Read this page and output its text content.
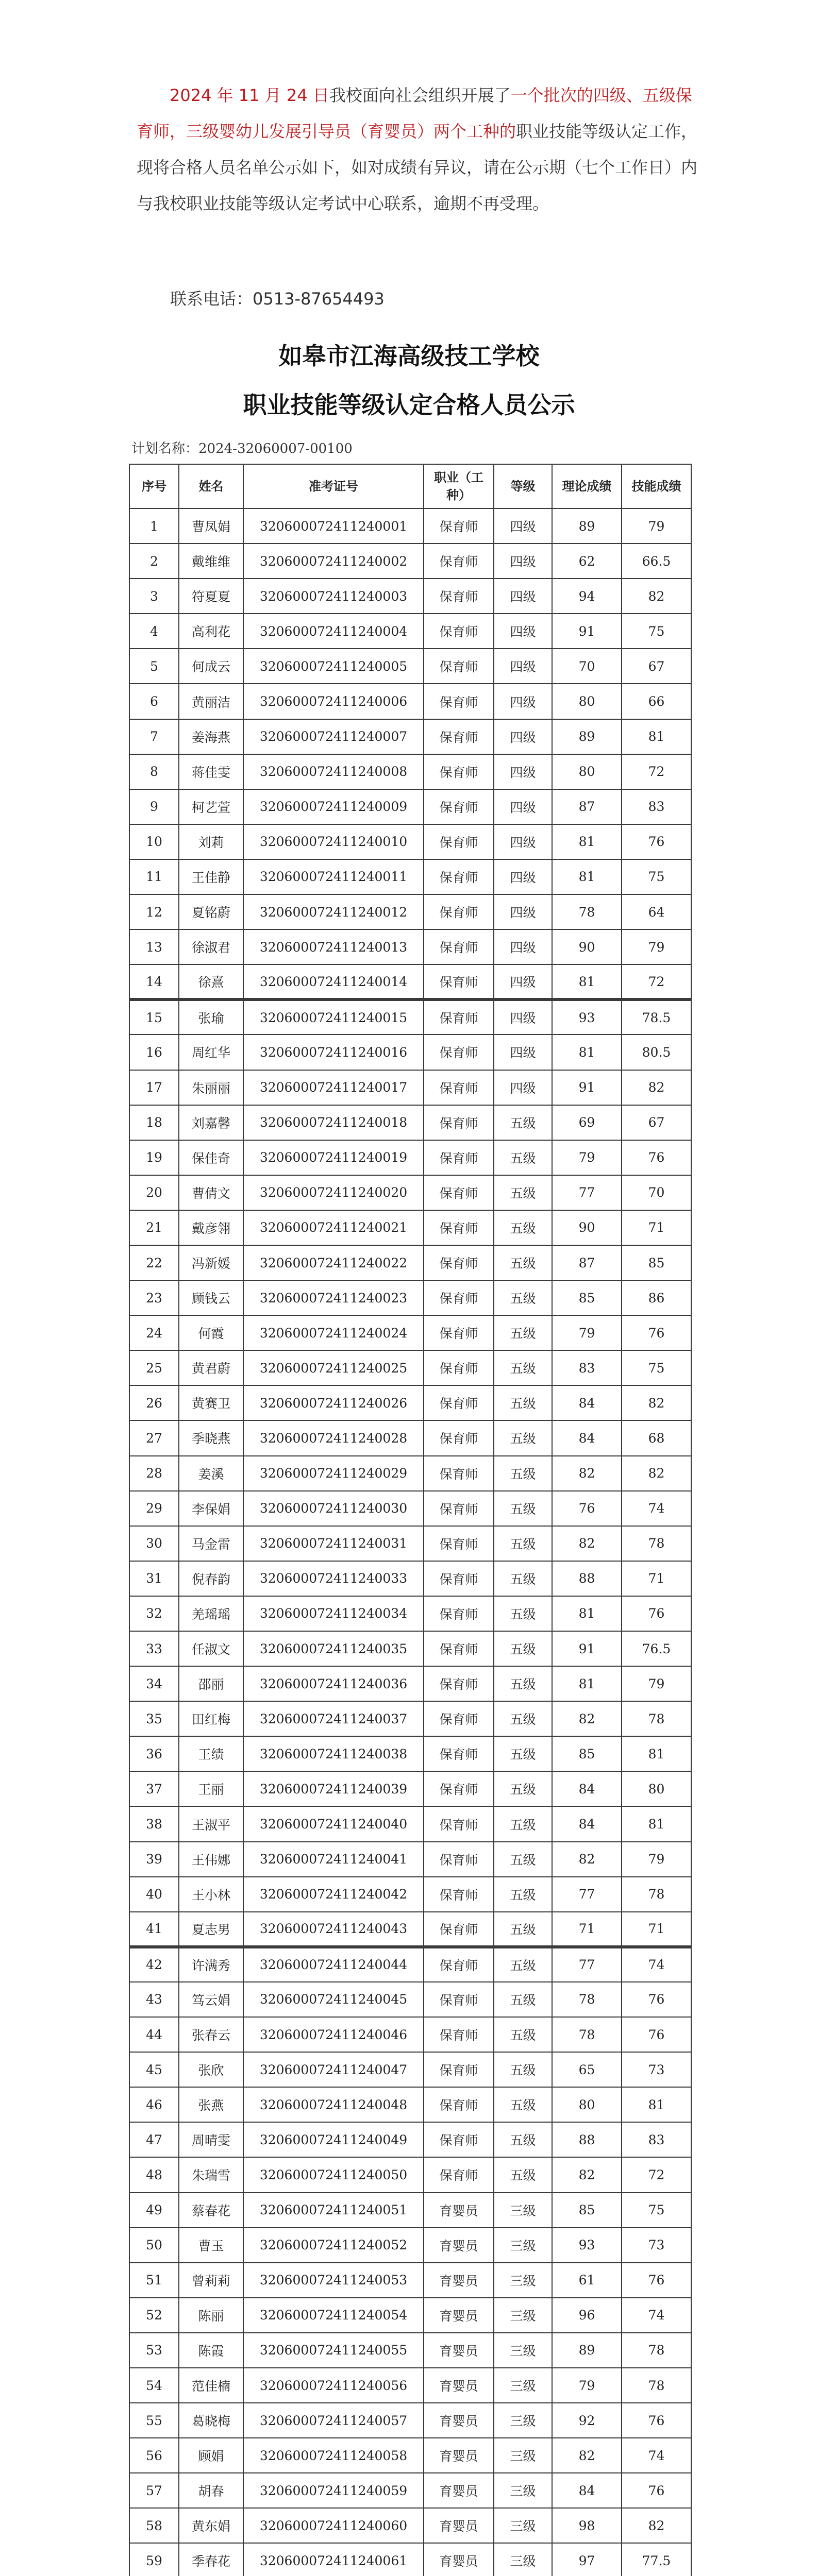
2024 年 11 月 24 日我校面向社会组织开展了一个批次的四级、五级保育师，三级婴幼儿发展引导员（育婴员）两个工种的职业技能等级认定工作，现将合格人员名单公示如下，如对成绩有异议，请在公示期（七个工作日）内与我校职业技能等级认定考试中心联系，逾期不再受理。

联系电话：0513-87654493
如皋市江海高级技工学校
职业技能等级认定合格人员公示
计划名称：2024-32060007-00100
序号	姓名	准考证号	职业（工种）	等级	理论成绩	技能成绩
1	曹凤娟	320600072411240001	保育师	四级	89	79
2	戴维维	320600072411240002	保育师	四级	62	66.5
3	符夏夏	320600072411240003	保育师	四级	94	82
4	高利花	320600072411240004	保育师	四级	91	75
5	何成云	320600072411240005	保育师	四级	70	67
6	黄丽洁	320600072411240006	保育师	四级	80	66
7	姜海燕	320600072411240007	保育师	四级	89	81
8	蒋佳雯	320600072411240008	保育师	四级	80	72
9	柯艺萱	320600072411240009	保育师	四级	87	83
10	刘莉	320600072411240010	保育师	四级	81	76
11	王佳静	320600072411240011	保育师	四级	81	75
12	夏铭蔚	320600072411240012	保育师	四级	78	64
13	徐淑君	320600072411240013	保育师	四级	90	79
14	徐熹	320600072411240014	保育师	四级	81	72
15	张瑜	320600072411240015	保育师	四级	93	78.5
16	周红华	320600072411240016	保育师	四级	81	80.5
17	朱丽丽	320600072411240017	保育师	四级	91	82
18	刘嘉馨	320600072411240018	保育师	五级	69	67
19	保佳奇	320600072411240019	保育师	五级	79	76
20	曹倩文	320600072411240020	保育师	五级	77	70
21	戴彦翎	320600072411240021	保育师	五级	90	71
22	冯新媛	320600072411240022	保育师	五级	87	85
23	顾钱云	320600072411240023	保育师	五级	85	86
24	何霞	320600072411240024	保育师	五级	79	76
25	黄君蔚	320600072411240025	保育师	五级	83	75
26	黄赛卫	320600072411240026	保育师	五级	84	82
27	季晓燕	320600072411240028	保育师	五级	84	68
28	姜溪	320600072411240029	保育师	五级	82	82
29	李保娟	320600072411240030	保育师	五级	76	74
30	马金雷	320600072411240031	保育师	五级	82	78
31	倪春韵	320600072411240033	保育师	五级	88	71
32	羌瑶瑶	320600072411240034	保育师	五级	81	76
33	任淑文	320600072411240035	保育师	五级	91	76.5
34	邵丽	320600072411240036	保育师	五级	81	79
35	田红梅	320600072411240037	保育师	五级	82	78
36	王绩	320600072411240038	保育师	五级	85	81
37	王丽	320600072411240039	保育师	五级	84	80
38	王淑平	320600072411240040	保育师	五级	84	81
39	王伟娜	320600072411240041	保育师	五级	82	79
40	王小林	320600072411240042	保育师	五级	77	78
41	夏志男	320600072411240043	保育师	五级	71	71
42	许满秀	320600072411240044	保育师	五级	77	74
43	笃云娟	320600072411240045	保育师	五级	78	76
44	张春云	320600072411240046	保育师	五级	78	76
45	张欣	320600072411240047	保育师	五级	65	73
46	张燕	320600072411240048	保育师	五级	80	81
47	周晴雯	320600072411240049	保育师	五级	88	83
48	朱瑞雪	320600072411240050	保育师	五级	82	72
49	蔡春花	320600072411240051	育婴员	三级	85	75
50	曹玉	320600072411240052	育婴员	三级	93	73
51	曾莉莉	320600072411240053	育婴员	三级	61	76
52	陈丽	320600072411240054	育婴员	三级	96	74
53	陈霞	320600072411240055	育婴员	三级	89	78
54	范佳楠	320600072411240056	育婴员	三级	79	78
55	葛晓梅	320600072411240057	育婴员	三级	92	76
56	顾娟	320600072411240058	育婴员	三级	82	74
57	胡春	320600072411240059	育婴员	三级	84	76
58	黄东娟	320600072411240060	育婴员	三级	98	82
59	季春花	320600072411240061	育婴员	三级	97	77.5
